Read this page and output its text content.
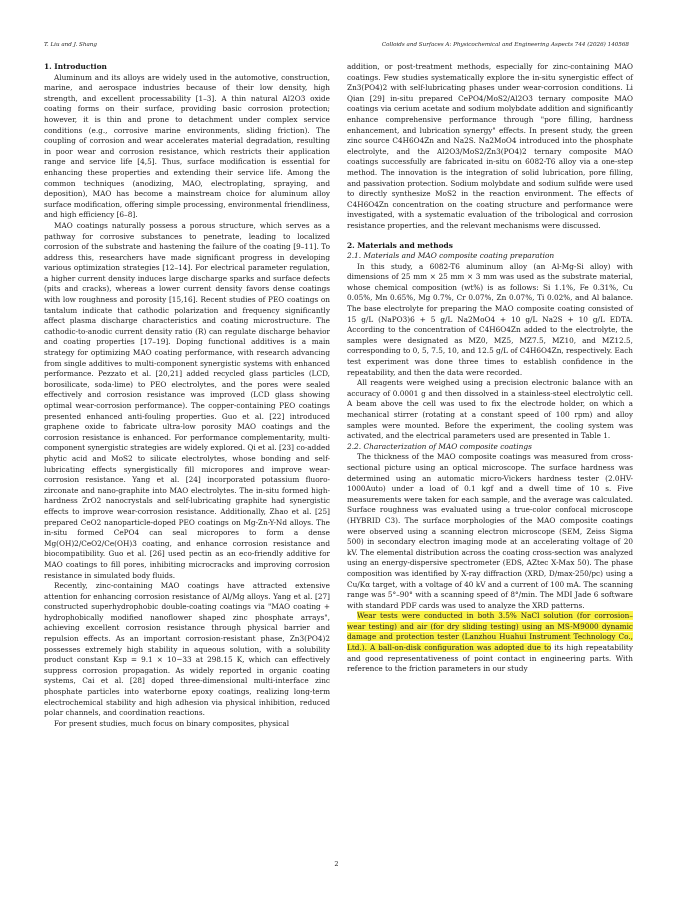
T. Liu and J. Shang	Colloids and Surfaces A: Physicochemical and Engineering Aspects 744 (2026) 140568

1. Introduction

Aluminum and its alloys are widely used in the automotive, construction, marine, and aerospace industries because of their low density, high strength, and excellent processability [1–3]. A thin natural Al2O3 oxide coating forms on their surface, providing basic corrosion protection; however, it is thin and prone to detachment under complex service conditions (e.g., corrosive marine environments, sliding friction). The coupling of corrosion and wear accelerates material degradation, resulting in poor wear and corrosion resistance, which restricts their application range and service life [4,5]. Thus, surface modification is essential for enhancing these properties and extending their service life. Among the common techniques (anodizing, MAO, electroplating, spraying, and deposition), MAO has become a mainstream choice for aluminum alloy surface modification, offering simple processing, environmental friendliness, and high efficiency [6–8].

MAO coatings naturally possess a porous structure, which serves as a pathway for corrosive substances to penetrate, leading to localized corrosion of the substrate and hastening the failure of the coating [9–11]. To address this, researchers have made significant progress in developing various optimization strategies [12–14]. For electrical parameter regulation, a higher current density induces large discharge sparks and surface defects (pits and cracks), whereas a lower current density favors dense coatings with low roughness and porosity [15,16]. Recent studies of PEO coatings on tantalum indicate that cathodic polarization and frequency significantly affect plasma discharge characteristics and coating microstructure. The cathodic-to-anodic current density ratio (R) can regulate discharge behavior and coating properties [17–19]. Doping functional additives is a main strategy for optimizing MAO coating performance, with research advancing from single additives to multi-component synergistic systems with enhanced performance. Pezzato et al. [20,21] added recycled glass particles (LCD, borosilicate, soda-lime) to PEO electrolytes, and the pores were sealed effectively and corrosion resistance was improved (LCD glass showing optimal wear-corrosion performance). The copper-containing PEO coatings presented enhanced anti-fouling properties. Guo et al. [22] introduced graphene oxide to fabricate ultra-low porosity MAO coatings and the corrosion resistance is enhanced. For performance complementarity, multi-component synergistic strategies are widely explored. Qi et al. [23] co-added phytic acid and MoS2 to silicate electrolytes, whose bonding and self-lubricating effects synergistically fill micropores and improve wear-corrosion resistance. Yang et al. [24] incorporated potassium fluoro-zirconate and nano-graphite into MAO electrolytes. The in-situ formed high-hardness ZrO2 nanocrystals and self-lubricating graphite had synergistic effects to improve wear-corrosion resistance. Additionally, Zhao et al. [25] prepared CeO2 nanoparticle-doped PEO coatings on Mg-Zn-Y-Nd alloys. The in-situ formed CePO4 can seal micropores to form a dense Mg(OH)2/CeO2/Ce(OH)3 coating, and enhance corrosion resistance and biocompatibility. Guo et al. [26] used pectin as an eco-friendly additive for MAO coatings to fill pores, inhibiting microcracks and improving corrosion resistance in simulated body fluids.

Recently, zinc-containing MAO coatings have attracted extensive attention for enhancing corrosion resistance of Al/Mg alloys. Yang et al. [27] constructed superhydrophobic double-coating coatings via "MAO coating + hydrophobically modified nanoflower shaped zinc phosphate arrays", achieving excellent corrosion resistance through physical barrier and repulsion effects. As an important corrosion-resistant phase, Zn3(PO4)2 possesses extremely high stability in aqueous solution, with a solubility product constant Ksp = 9.1 × 10−33 at 298.15 K, which can effectively suppress corrosion propagation. As widely reported in organic coating systems, Cai et al. [28] doped three-dimensional multi-interface zinc phosphate particles into waterborne epoxy coatings, realizing long-term electrochemical stability and high adhesion via physical inhibition, reduced polar channels, and coordination reactions.

For present studies, much focus on binary composites, physical

addition, or post-treatment methods, especially for zinc-containing MAO coatings. Few studies systematically explore the in-situ synergistic effect of Zn3(PO4)2 with self-lubricating phases under wear-corrosion conditions. Li Qian [29] in-situ prepared CePO4/MoS2/Al2O3 ternary composite MAO coatings via cerium acetate and sodium molybdate addition and significantly enhance comprehensive performance through "pore filling, hardness enhancement, and lubrication synergy" effects. In present study, the green zinc source C4H6O4Zn and Na2S. Na2MoO4 introduced into the phosphate electrolyte, and the Al2O3/MoS2/Zn3(PO4)2 ternary composite MAO coatings successfully are fabricated in-situ on 6082-T6 alloy via a one-step method. The innovation is the integration of solid lubrication, pore filling, and passivation protection. Sodium molybdate and sodium sulfide were used to directly synthesize MoS2 in the reaction environment. The effects of C4H6O4Zn concentration on the coating structure and performance were investigated, with a systematic evaluation of the tribological and corrosion resistance properties, and the relevant mechanisms were discussed.

2. Materials and methods

2.1. Materials and MAO composite coating preparation

In this study, a 6082-T6 aluminum alloy (an Al-Mg-Si alloy) with dimensions of 25 mm × 25 mm × 3 mm was used as the substrate material, whose chemical composition (wt%) is as follows: Si 1.1%, Fe 0.31%, Cu 0.05%, Mn 0.65%, Mg 0.7%, Cr 0.07%, Zn 0.07%, Ti 0.02%, and Al balance. The base electrolyte for preparing the MAO composite coating consisted of 15 g/L (NaPO3)6 + 5 g/L Na2MoO4 + 10 g/L Na2S + 10 g/L EDTA. According to the concentration of C4H6O4Zn added to the electrolyte, the samples were designated as MZ0, MZ5, MZ7.5, MZ10, and MZ12.5, corresponding to 0, 5, 7.5, 10, and 12.5 g/L of C4H6O4Zn, respectively. Each test experiment was done three times to establish confidence in the repeatability, and then the data were recorded.

All reagents were weighed using a precision electronic balance with an accuracy of 0.0001 g and then dissolved in a stainless-steel electrolytic cell. A beam above the cell was used to fix the electrode holder, on which a mechanical stirrer (rotating at a constant speed of 100 rpm) and alloy samples were mounted. Before the experiment, the cooling system was activated, and the electrical parameters used are presented in Table 1.

2.2. Characterization of MAO composite coatings

The thickness of the MAO composite coatings was measured from cross-sectional picture using an optical microscope. The surface hardness was determined using an automatic micro-Vickers hardness tester (2.0HV-1000Auto) under a load of 0.1 kgf and a dwell time of 10 s. Five measurements were taken for each sample, and the average was calculated. Surface roughness was evaluated using a true-color confocal microscope (HYBRID C3). The surface morphologies of the MAO composite coatings were observed using a scanning electron microscope (SEM, Zeiss Sigma 500) in secondary electron imaging mode at an accelerating voltage of 20 kV. The elemental distribution across the coating cross-section was analyzed using an energy-dispersive spectrometer (EDS, AZtec X-Max 50). The phase composition was identified by X-ray diffraction (XRD, D/max-250/pc) using a Cu/Kα target, with a voltage of 40 kV and a current of 100 mA. The scanning range was 5°–90° with a scanning speed of 8°/min. The MDI Jade 6 software with standard PDF cards was used to analyze the XRD patterns.

Wear tests were conducted in both 3.5% NaCl solution (for corrosion–wear testing) and air (for dry sliding testing) using an MS-M9000 dynamic damage and protection tester (Lanzhou Huahui Instrument Technology Co., Ltd.). A ball-on-disk configuration was adopted due to its high repeatability and good representativeness of point contact in engineering parts. With reference to the friction parameters in our study

2
